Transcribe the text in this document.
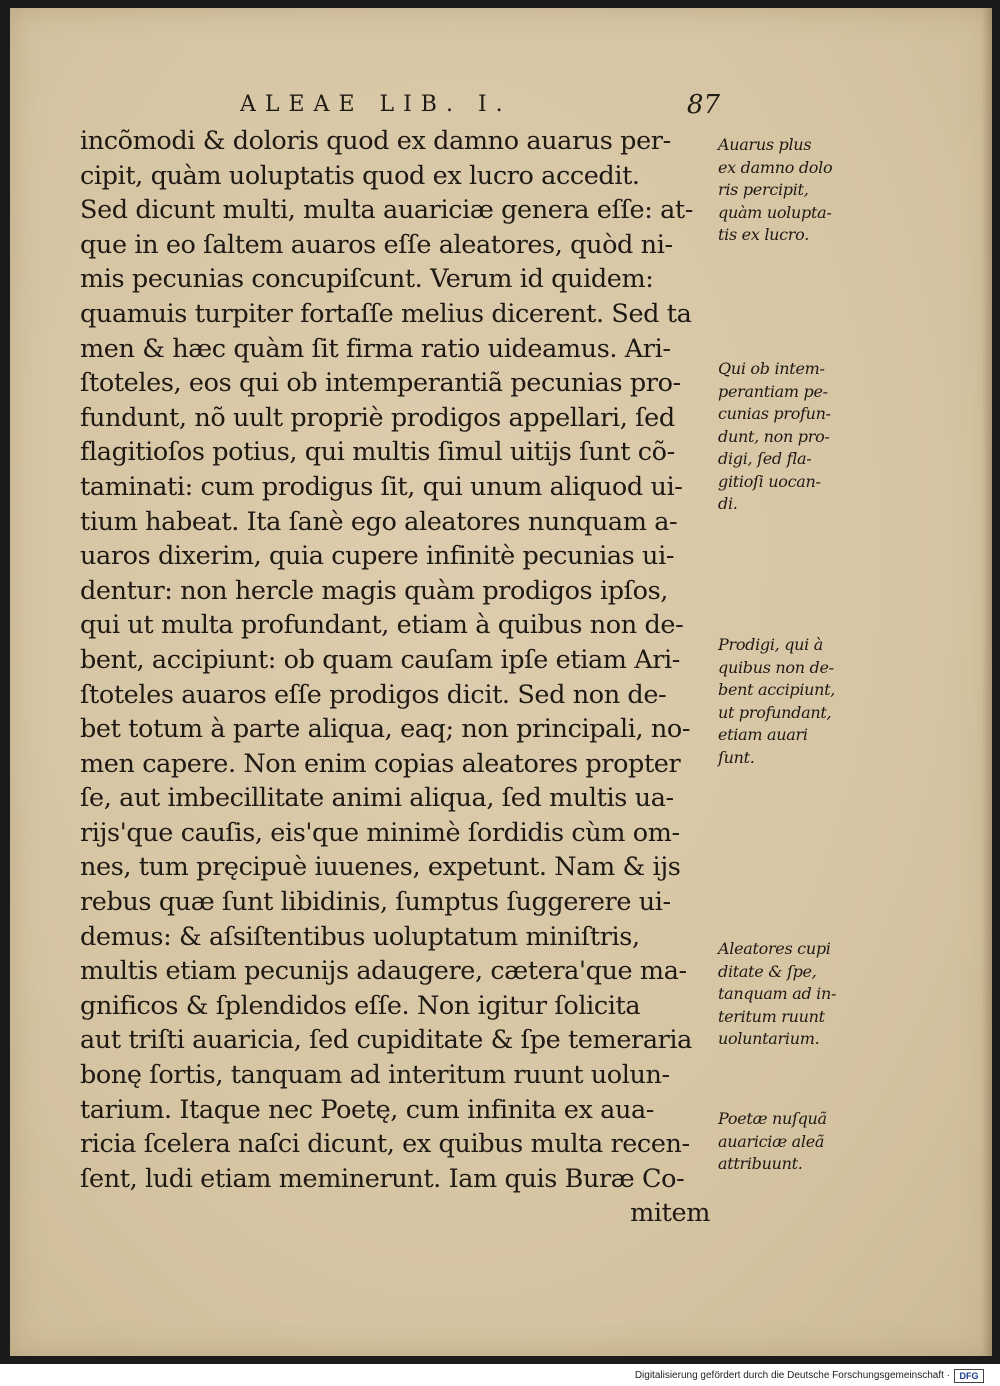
ALEAE LIB. I.	87
incõmodi & doloris quod ex damno auarus per-
cipit, quàm uoluptatis quod ex lucro accedit.
Sed dicunt multi, multa auariciæ genera eſſe: at-
que in eo ſaltem auaros eſſe aleatores, quòd ni-
mis pecunias concupiſcunt. Verum id quidem:
quamuis turpiter fortaſſe melius dicerent. Sed ta
men & hæc quàm ſit firma ratio uideamus. Ari-
ſtoteles, eos qui ob intemperantiã pecunias pro-
fundunt, nõ uult propriè prodigos appellari, ſed
flagitioſos potius, qui multis ſimul uitijs ſunt cõ-
taminati: cum prodigus ſit, qui unum aliquod ui-
tium habeat. Ita ſanè ego aleatores nunquam a-
uaros dixerim, quia cupere infinitè pecunias ui-
dentur: non hercle magis quàm prodigos ipſos,
qui ut multa profundant, etiam à quibus non de-
bent, accipiunt: ob quam cauſam ipſe etiam Ari-
ſtoteles auaros eſſe prodigos dicit. Sed non de-
bet totum à parte aliqua, eaq; non principali, no-
men capere. Non enim copias aleatores propter
ſe, aut imbecillitate animi aliqua, ſed multis ua-
rijs'que cauſis, eis'que minimè ſordidis cùm om-
nes, tum pręcipuè iuuenes, expetunt. Nam & ijs
rebus quæ ſunt libidinis, ſumptus ſuggerere ui-
demus: & aſsiſtentibus uoluptatum miniſtris,
multis etiam pecunijs adaugere, cætera'que ma-
gnificos & ſplendidos eſſe. Non igitur ſolicita
aut triſti auaricia, ſed cupiditate & ſpe temeraria
bonę ſortis, tanquam ad interitum ruunt uolun-
tarium. Itaque nec Poetę, cum infinita ex aua-
ricia ſcelera naſci dicunt, ex quibus multa recen-
ſent, ludi etiam meminerunt. Iam quis Buræ Co-
mitem
Auarus plus
ex damno dolo
ris percipit,
quàm uolupta-
tis ex lucro.
Qui ob intem-
perantiam pe-
cunias profun-
dunt, non pro-
digi, ſed fla-
gitioſi uocan-
di.
Prodigi, qui à
quibus non de-
bent accipiunt,
ut profundant,
etiam auari
ſunt.
Aleatores cupi
ditate & ſpe,
tanquam ad in-
teritum ruunt
uoluntarium.
Poetæ nuſquã
auariciæ aleã
attribuunt.
Digitalisierung gefördert durch die Deutsche Forschungsgemeinschaft ·	DFG
